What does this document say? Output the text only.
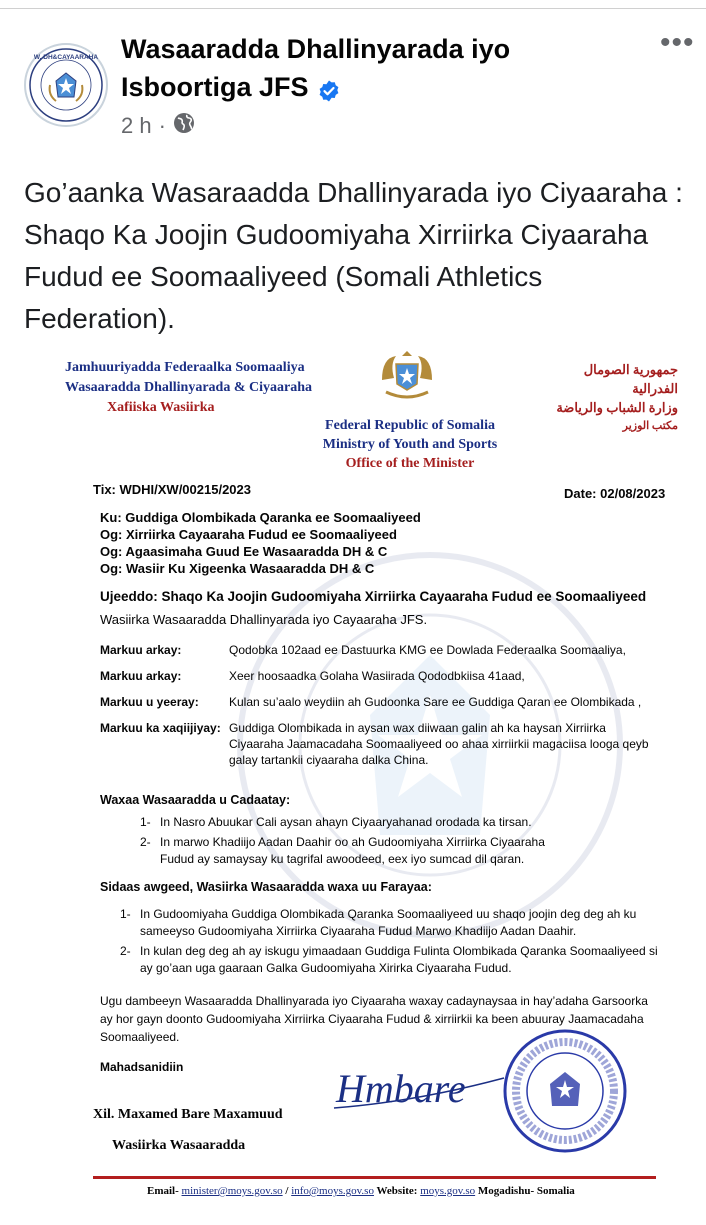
W. DH&CAYAARAHA Wasaaradda Dhallinyarada iyo
Isboortiga JFS
2 h ·
•••
Go’aanka Wasaraadda Dhallinyarada iyo Ciyaaraha : Shaqo Ka Joojin Gudoomiyaha Xirriirka Ciyaaraha Fudud ee Soomaaliyeed (Somali Athletics Federation).
Jamhuuriyadda Federaalka Soomaaliya
Wasaaradda Dhallinyarada & Ciyaaraha
Xafiiska Wasiirka
جمهورية الصومال الفدرالية
وزارة الشباب والرياضة
مكتب الوزير
Federal Republic of Somalia
Ministry of Youth and Sports
Office of the Minister
Tix: WDHI/XW/00215/2023	Date: 02/08/2023
Ku: Guddiga Olombikada Qaranka ee Soomaaliyeed
Og: Xirriirka Cayaaraha Fudud ee Soomaaliyeed
Og: Agaasimaha Guud Ee Wasaaradda DH & C
Og: Wasiir Ku Xigeenka Wasaaradda DH & C
Ujeeddo: Shaqo Ka Joojin Gudoomiyaha Xirriirka Cayaaraha Fudud ee Soomaaliyeed
Wasiirka Wasaaradda Dhallinyarada iyo Cayaaraha JFS.
Markuu arkay:	Qodobka 102aad ee Dastuurka KMG ee Dowlada Federaalka Soomaaliya,
Markuu arkay:	Xeer hoosaadka Golaha Wasiirada Qododbkiisa 41aad,
Markuu u yeeray:	Kulan su’aalo weydiin ah Gudoonka Sare ee Guddiga Qaran ee Olombikada ,
Markuu ka xaqiijiyay: Guddiga Olombikada in aysan wax diiwaan galin ah ka haysan Xirriirka Ciyaaraha Jaamacadaha Soomaaliyeed oo ahaa xirriirkii magaciisa looga qeyb galay tartankii ciyaaraha dalka China.
Waxaa Wasaaradda u Cadaatay:
1- In Nasro Abuukar Cali aysan ahayn Ciyaaryahanad orodada ka tirsan.
2- In marwo Khadiijo Aadan Daahir oo ah Gudoomiyaha Xirriirka Ciyaaraha Fudud ay samaysay ku tagrifal awoodeed, eex iyo sumcad dil qaran.
Sidaas awgeed, Wasiirka Wasaaradda waxa uu Farayaa:
1- In Gudoomiyaha Guddiga Olombikada Qaranka Soomaaliyeed uu shaqo joojin deg deg ah ku sameeyso Gudoomiyaha Xirriirka Ciyaaraha Fudud Marwo Khadiijo Aadan Daahir.
2- In kulan deg deg ah ay iskugu yimaadaan Guddiga Fulinta Olombikada Qaranka Soomaaliyeed si ay go’aan uga gaaraan Galka Gudoomiyaha Xirirka Ciyaaraha Fudud.
Ugu dambeeyn Wasaaradda Dhallinyarada iyo Ciyaaraha waxay cadaynaysaa in hay’adaha Garsoorka ay hor gayn doonto Gudoomiyaha Xirriirka Ciyaaraha Fudud & xirriirkii ka been abuuray Jaamacadaha Soomaaliyeed.
Mahadsanidiin	Hmbare
Xil. Maxamed Bare Maxamuud
Wasiirka Wasaaradda
Email- minister@moys.gov.so / info@moys.gov.so Website: moys.gov.so Mogadishu- Somalia
